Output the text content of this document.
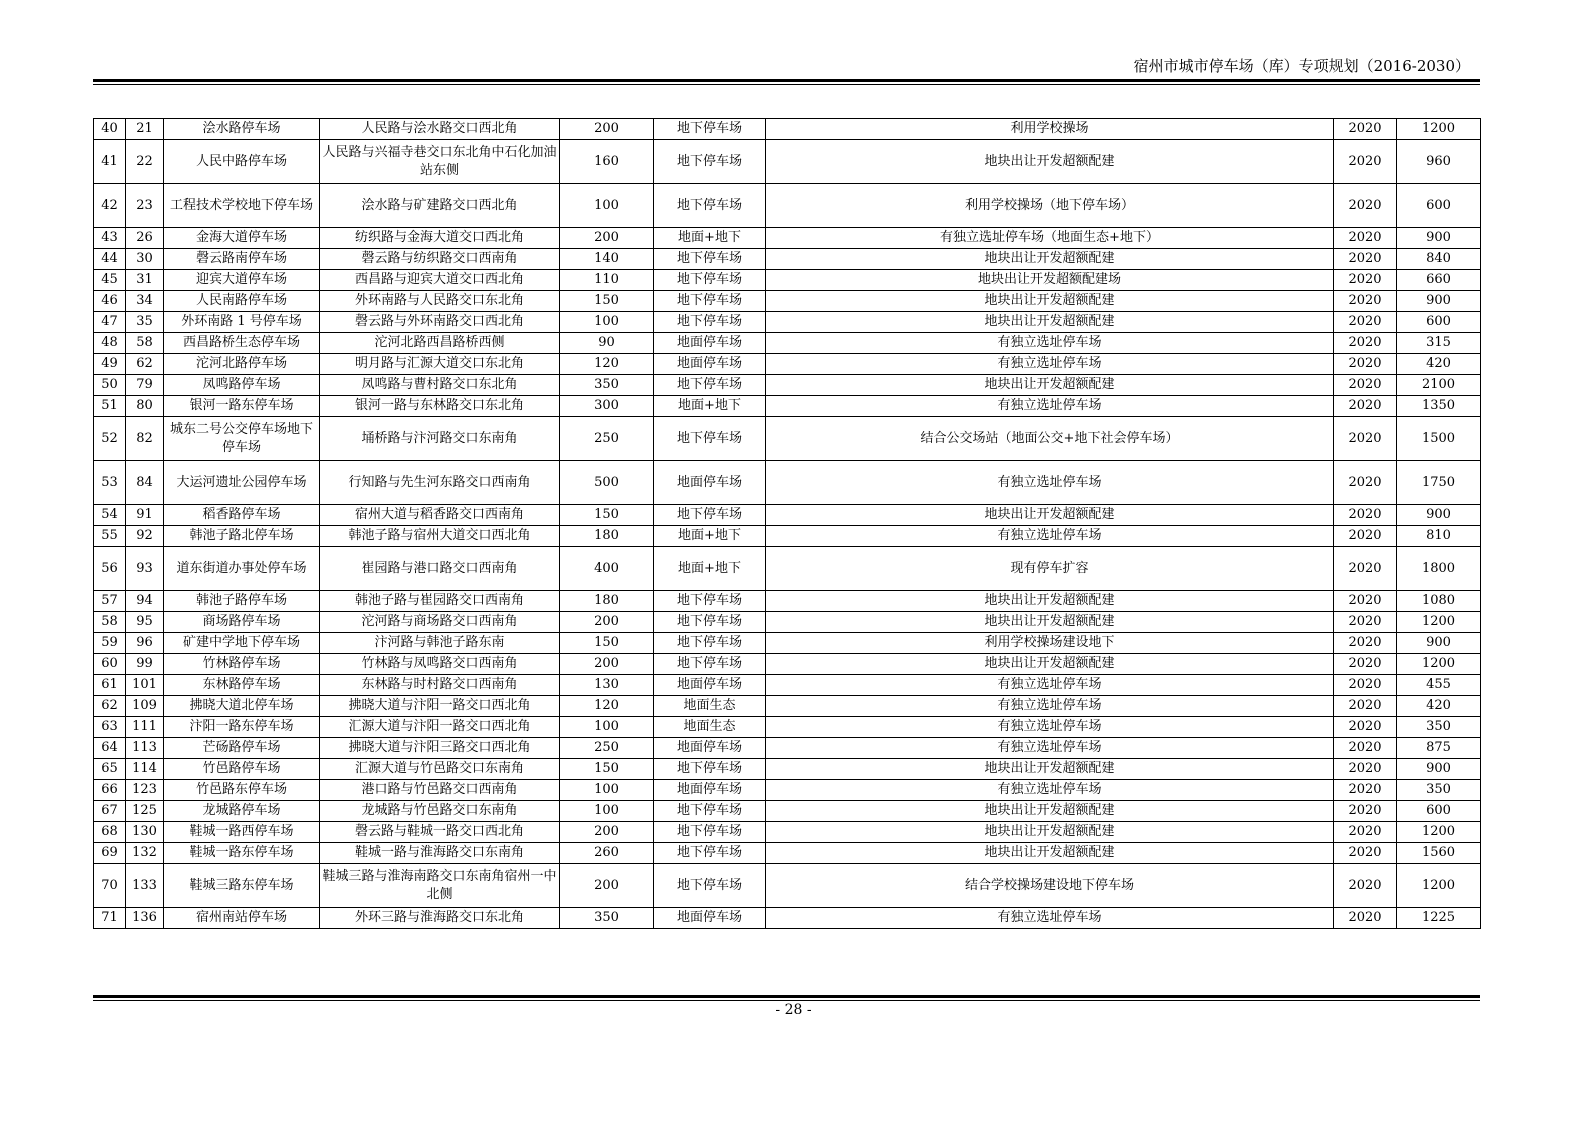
宿州市城市停车场（库）专项规划（2016-2030）
40	21	浍水路停车场	人民路与浍水路交口西北角	200	地下停车场	利用学校操场	2020	1200
41	22	人民中路停车场	人民路与兴福寺巷交口东北角中石化加油站东侧	160	地下停车场	地块出让开发超额配建	2020	960
42	23	工程技术学校地下停车场	浍水路与矿建路交口西北角	100	地下停车场	利用学校操场（地下停车场）	2020	600
43	26	金海大道停车场	纺织路与金海大道交口西北角	200	地面+地下	有独立选址停车场（地面生态+地下）	2020	900
44	30	磬云路南停车场	磬云路与纺织路交口西南角	140	地下停车场	地块出让开发超额配建	2020	840
45	31	迎宾大道停车场	西昌路与迎宾大道交口西北角	110	地下停车场	地块出让开发超额配建场	2020	660
46	34	人民南路停车场	外环南路与人民路交口东北角	150	地下停车场	地块出让开发超额配建	2020	900
47	35	外环南路 1 号停车场	磬云路与外环南路交口西北角	100	地下停车场	地块出让开发超额配建	2020	600
48	58	西昌路桥生态停车场	沱河北路西昌路桥西侧	90	地面停车场	有独立选址停车场	2020	315
49	62	沱河北路停车场	明月路与汇源大道交口东北角	120	地面停车场	有独立选址停车场	2020	420
50	79	凤鸣路停车场	凤鸣路与曹村路交口东北角	350	地下停车场	地块出让开发超额配建	2020	2100
51	80	银河一路东停车场	银河一路与东林路交口东北角	300	地面+地下	有独立选址停车场	2020	1350
52	82	城东二号公交停车场地下停车场	埇桥路与汴河路交口东南角	250	地下停车场	结合公交场站（地面公交+地下社会停车场）	2020	1500
53	84	大运河遗址公园停车场	行知路与先生河东路交口西南角	500	地面停车场	有独立选址停车场	2020	1750
54	91	稻香路停车场	宿州大道与稻香路交口西南角	150	地下停车场	地块出让开发超额配建	2020	900
55	92	韩池子路北停车场	韩池子路与宿州大道交口西北角	180	地面+地下	有独立选址停车场	2020	810
56	93	道东街道办事处停车场	崔园路与港口路交口西南角	400	地面+地下	现有停车扩容	2020	1800
57	94	韩池子路停车场	韩池子路与崔园路交口西南角	180	地下停车场	地块出让开发超额配建	2020	1080
58	95	商场路停车场	沱河路与商场路交口西南角	200	地下停车场	地块出让开发超额配建	2020	1200
59	96	矿建中学地下停车场	汴河路与韩池子路东南	150	地下停车场	利用学校操场建设地下	2020	900
60	99	竹林路停车场	竹林路与凤鸣路交口西南角	200	地下停车场	地块出让开发超额配建	2020	1200
61	101	东林路停车场	东林路与时村路交口西南角	130	地面停车场	有独立选址停车场	2020	455
62	109	拂晓大道北停车场	拂晓大道与汴阳一路交口西北角	120	地面生态	有独立选址停车场	2020	420
63	111	汴阳一路东停车场	汇源大道与汴阳一路交口西北角	100	地面生态	有独立选址停车场	2020	350
64	113	芒砀路停车场	拂晓大道与汴阳三路交口西北角	250	地面停车场	有独立选址停车场	2020	875
65	114	竹邑路停车场	汇源大道与竹邑路交口东南角	150	地下停车场	地块出让开发超额配建	2020	900
66	123	竹邑路东停车场	港口路与竹邑路交口西南角	100	地面停车场	有独立选址停车场	2020	350
67	125	龙城路停车场	龙城路与竹邑路交口东南角	100	地下停车场	地块出让开发超额配建	2020	600
68	130	鞋城一路西停车场	磬云路与鞋城一路交口西北角	200	地下停车场	地块出让开发超额配建	2020	1200
69	132	鞋城一路东停车场	鞋城一路与淮海路交口东南角	260	地下停车场	地块出让开发超额配建	2020	1560
70	133	鞋城三路东停车场	鞋城三路与淮海南路交口东南角宿州一中北侧	200	地下停车场	结合学校操场建设地下停车场	2020	1200
71	136	宿州南站停车场	外环三路与淮海路交口东北角	350	地面停车场	有独立选址停车场	2020	1225
- 28 -
